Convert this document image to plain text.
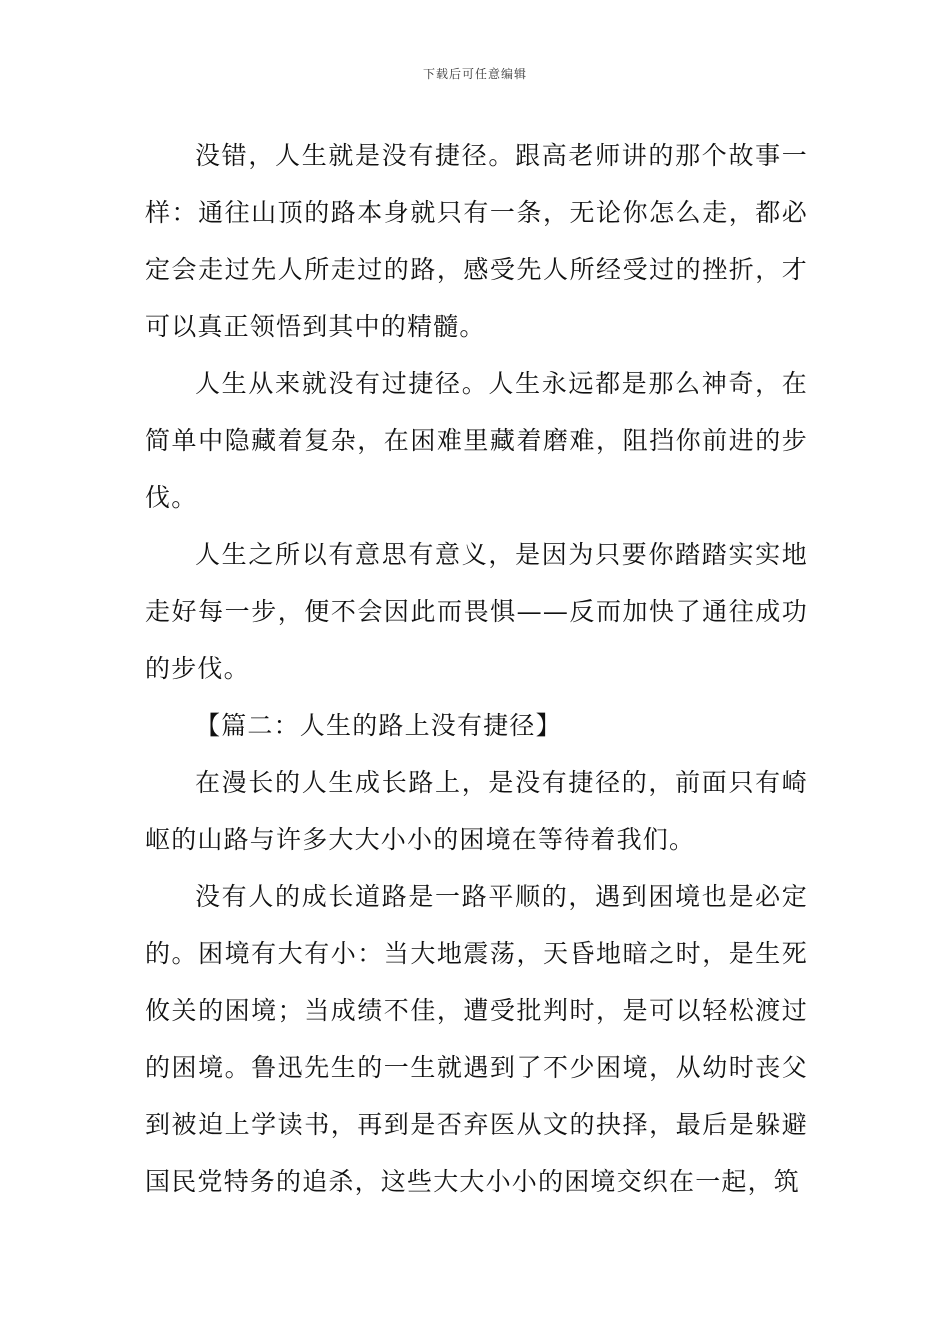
下载后可任意编辑

没错，人生就是没有捷径。跟高老师讲的那个故事一样：通往山顶的路本身就只有一条，无论你怎么走，都必定会走过先人所走过的路，感受先人所经受过的挫折，才可以真正领悟到其中的精髓。

人生从来就没有过捷径。人生永远都是那么神奇，在简单中隐藏着复杂，在困难里藏着磨难，阻挡你前进的步伐。

人生之所以有意思有意义，是因为只要你踏踏实实地走好每一步，便不会因此而畏惧——反而加快了通往成功的步伐。

【篇二：人生的路上没有捷径】

在漫长的人生成长路上，是没有捷径的，前面只有崎岖的山路与许多大大小小的困境在等待着我们。

没有人的成长道路是一路平顺的，遇到困境也是必定的。困境有大有小：当大地震荡，天昏地暗之时，是生死攸关的困境；当成绩不佳，遭受批判时，是可以轻松渡过的困境。鲁迅先生的一生就遇到了不少困境，从幼时丧父到被迫上学读书，再到是否弃医从文的抉择，最后是躲避国民党特务的追杀，这些大大小小的困境交织在一起，筑
